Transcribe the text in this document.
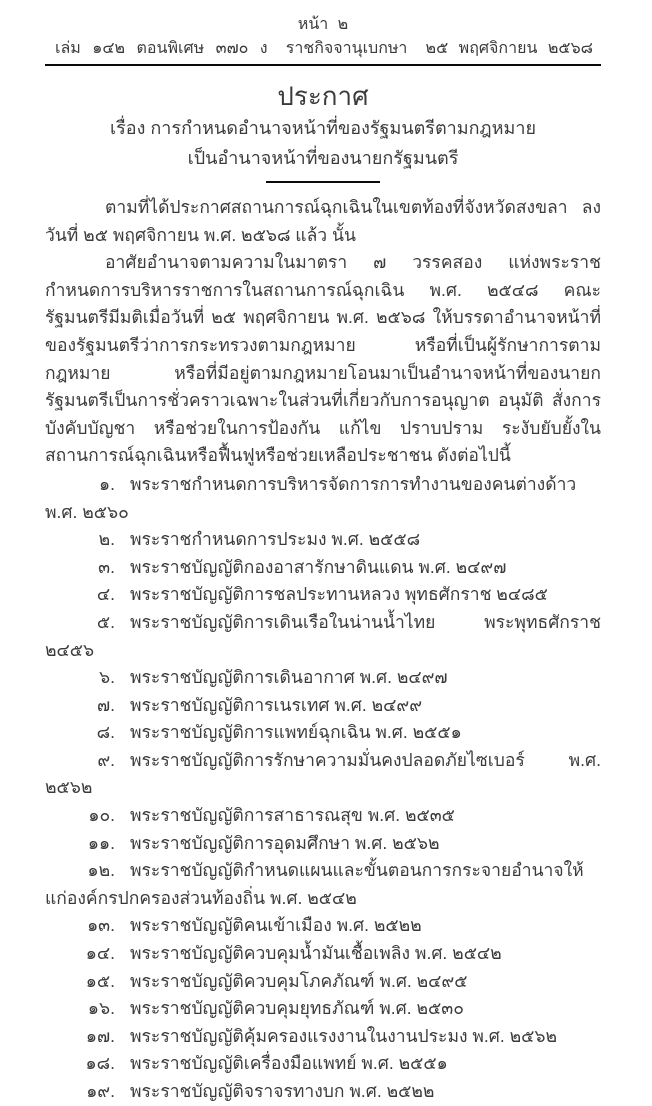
หน้า ๒
เล่ม ๑๔๒ ตอนพิเศษ ๓๗๐ ง ราชกิจจานุเบกษา ๒๕ พฤศจิกายน ๒๕๖๘
ประกาศ
เรื่อง การกำหนดอำนาจหน้าที่ของรัฐมนตรีตามกฎหมาย
เป็นอำนาจหน้าที่ของนายกรัฐมนตรี

ตามที่ได้ประกาศสถานการณ์ฉุกเฉินในเขตท้องที่จังหวัดสงขลา ลงวันที่ ๒๕ พฤศจิกายน พ.ศ. ๒๕๖๘ แล้ว นั้น

อาศัยอำนาจตามความในมาตรา ๗ วรรคสอง แห่งพระราชกำหนดการบริหารราชการในสถานการณ์ฉุกเฉิน พ.ศ. ๒๕๔๘ คณะรัฐมนตรีมีมติเมื่อวันที่ ๒๕ พฤศจิกายน พ.ศ. ๒๕๖๘ ให้บรรดาอำนาจหน้าที่ของรัฐมนตรีว่าการกระทรวงตามกฎหมาย หรือที่เป็นผู้รักษาการตามกฎหมาย หรือที่มีอยู่ตามกฎหมายโอนมาเป็นอำนาจหน้าที่ของนายกรัฐมนตรีเป็นการชั่วคราวเฉพาะในส่วนที่เกี่ยวกับการอนุญาต อนุมัติ สั่งการ บังคับบัญชา หรือช่วยในการป้องกัน แก้ไข ปราบปราม ระงับยับยั้งในสถานการณ์ฉุกเฉินหรือฟื้นฟูหรือช่วยเหลือประชาชน ดังต่อไปนี้

๑. พระราชกำหนดการบริหารจัดการการทำงานของคนต่างด้าว พ.ศ. ๒๕๖๐
๒. พระราชกำหนดการประมง พ.ศ. ๒๕๕๘
๓. พระราชบัญญัติกองอาสารักษาดินแดน พ.ศ. ๒๔๙๗
๔. พระราชบัญญัติการชลประทานหลวง พุทธศักราช ๒๔๘๕
๕. พระราชบัญญัติการเดินเรือในน่านน้ำไทย พระพุทธศักราช ๒๔๕๖
๖. พระราชบัญญัติการเดินอากาศ พ.ศ. ๒๔๙๗
๗. พระราชบัญญัติการเนรเทศ พ.ศ. ๒๔๙๙
๘. พระราชบัญญัติการแพทย์ฉุกเฉิน พ.ศ. ๒๕๕๑
๙. พระราชบัญญัติการรักษาความมั่นคงปลอดภัยไซเบอร์ พ.ศ. ๒๕๖๒
๑๐. พระราชบัญญัติการสาธารณสุข พ.ศ. ๒๕๓๕
๑๑. พระราชบัญญัติการอุดมศึกษา พ.ศ. ๒๕๖๒
๑๒. พระราชบัญญัติกำหนดแผนและขั้นตอนการกระจายอำนาจให้แก่องค์กรปกครองส่วนท้องถิ่น พ.ศ. ๒๕๔๒
๑๓. พระราชบัญญัติคนเข้าเมือง พ.ศ. ๒๕๒๒
๑๔. พระราชบัญญัติควบคุมน้ำมันเชื้อเพลิง พ.ศ. ๒๕๔๒
๑๕. พระราชบัญญัติควบคุมโภคภัณฑ์ พ.ศ. ๒๔๙๕
๑๖. พระราชบัญญัติควบคุมยุทธภัณฑ์ พ.ศ. ๒๕๓๐
๑๗. พระราชบัญญัติคุ้มครองแรงงานในงานประมง พ.ศ. ๒๕๖๒
๑๘. พระราชบัญญัติเครื่องมือแพทย์ พ.ศ. ๒๕๕๑
๑๙. พระราชบัญญัติจราจรทางบก พ.ศ. ๒๕๒๒
